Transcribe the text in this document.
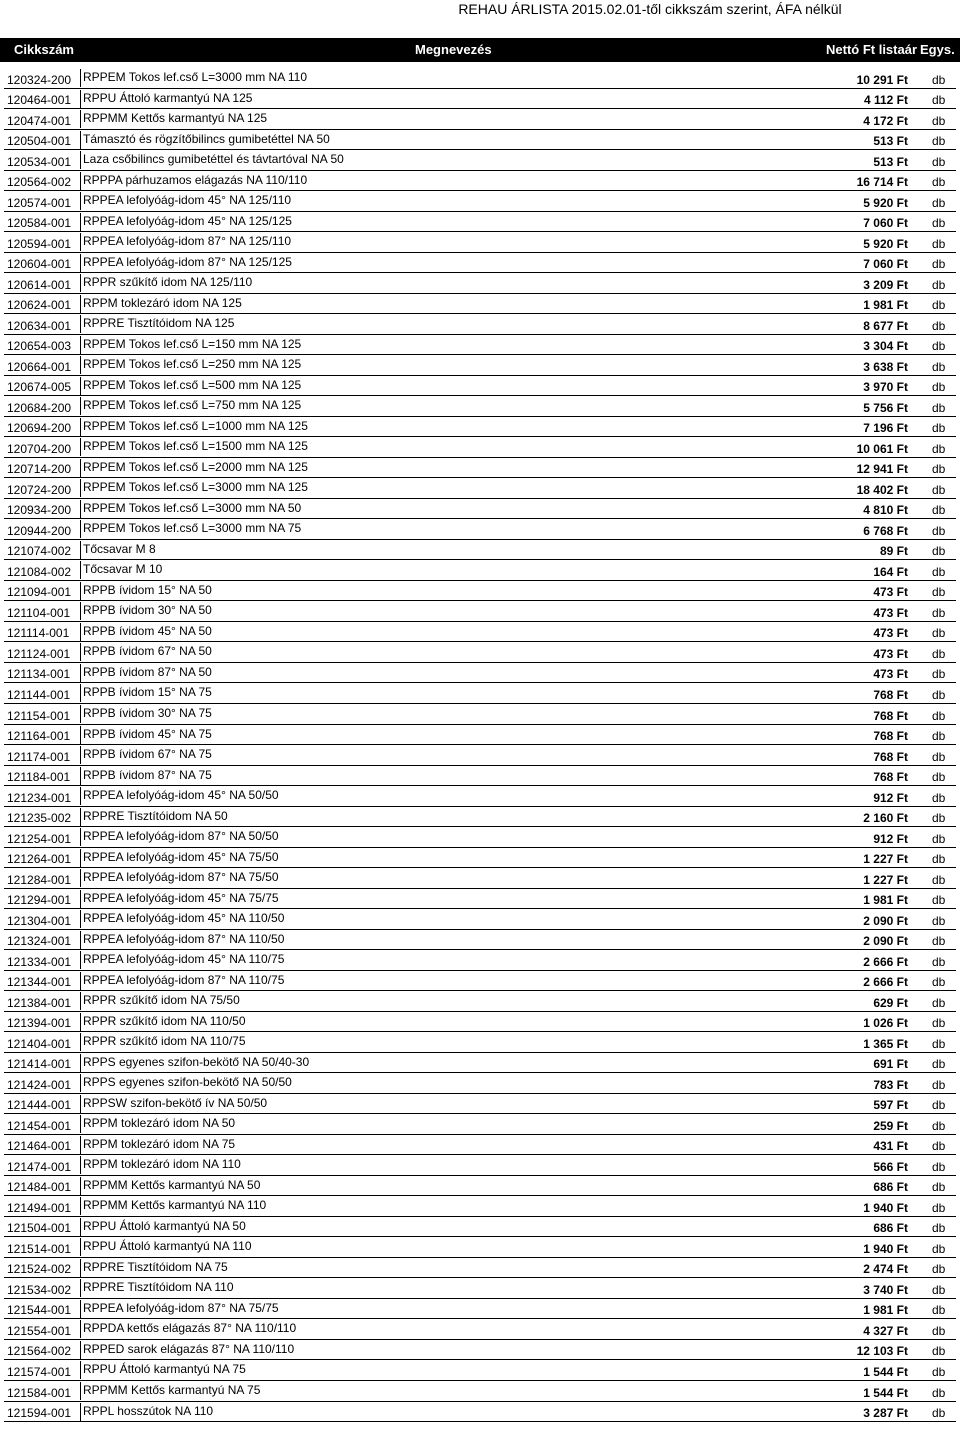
REHAU ÁRLISTA 2015.02.01-től cikkszám szerint, ÁFA nélkül
Cikkszám	Megnevezés	Nettó Ft listaár Egys.
120324-200 RPPEM Tokos lef.cső L=3000 mm NA 110	10 291 Ft db
120464-001 RPPU Áttoló karmantyú NA 125	4 112 Ft db
120474-001 RPPMM Kettős karmantyú NA 125	4 172 Ft db
120504-001 Támasztó és rögzítőbilincs gumibetéttel NA 50	513 Ft db
120534-001 Laza csőbilincs gumibetéttel és távtartóval NA 50	513 Ft db
120564-002 RPPPA párhuzamos elágazás NA 110/110	16 714 Ft db
120574-001 RPPEA lefolyóág-idom 45° NA 125/110	5 920 Ft db
120584-001 RPPEA lefolyóág-idom 45° NA 125/125	7 060 Ft db
120594-001 RPPEA lefolyóág-idom 87° NA 125/110	5 920 Ft db
120604-001 RPPEA lefolyóág-idom 87° NA 125/125	7 060 Ft db
120614-001 RPPR szűkítő idom NA 125/110	3 209 Ft db
120624-001 RPPM toklezáró idom NA 125	1 981 Ft db
120634-001 RPPRE Tisztítóidom NA 125	8 677 Ft db
120654-003 RPPEM Tokos lef.cső L=150 mm NA 125	3 304 Ft db
120664-001 RPPEM Tokos lef.cső L=250 mm NA 125	3 638 Ft db
120674-005 RPPEM Tokos lef.cső L=500 mm NA 125	3 970 Ft db
120684-200 RPPEM Tokos lef.cső L=750 mm NA 125	5 756 Ft db
120694-200 RPPEM Tokos lef.cső L=1000 mm NA 125	7 196 Ft db
120704-200 RPPEM Tokos lef.cső L=1500 mm NA 125	10 061 Ft db
120714-200 RPPEM Tokos lef.cső L=2000 mm NA 125	12 941 Ft db
120724-200 RPPEM Tokos lef.cső L=3000 mm NA 125	18 402 Ft db
120934-200 RPPEM Tokos lef.cső L=3000 mm NA 50	4 810 Ft db
120944-200 RPPEM Tokos lef.cső L=3000 mm NA 75	6 768 Ft db
121074-002 Tőcsavar M 8	89 Ft db
121084-002 Tőcsavar M 10	164 Ft db
121094-001 RPPB ívidom 15° NA 50	473 Ft db
121104-001	RPPB ívidom 30° NA 50	473 Ft db
121114-001	RPPB ívidom 45° NA 50	473 Ft db
121124-001	RPPB ívidom 67° NA 50	473 Ft db
121134-001	RPPB ívidom 87° NA 50	473 Ft db
121144-001	RPPB ívidom 15° NA 75	768 Ft db
121154-001	RPPB ívidom 30° NA 75	768 Ft db
121164-001	RPPB ívidom 45° NA 75	768 Ft db
121174-001	RPPB ívidom 67° NA 75	768 Ft db
121184-001	RPPB ívidom 87° NA 75	768 Ft db
121234-001 RPPEA lefolyóág-idom 45° NA 50/50	912 Ft db
121235-002 RPPRE Tisztítóidom NA 50	2 160 Ft db
121254-001 RPPEA lefolyóág-idom 87° NA 50/50	912 Ft db
121264-001 RPPEA lefolyóág-idom 45° NA 75/50	1 227 Ft db
121284-001 RPPEA lefolyóág-idom 87° NA 75/50	1 227 Ft db
121294-001 RPPEA lefolyóág-idom 45° NA 75/75	1 981 Ft db
121304-001 RPPEA lefolyóág-idom 45° NA 110/50	2 090 Ft db
121324-001 RPPEA lefolyóág-idom 87° NA 110/50	2 090 Ft db
121334-001 RPPEA lefolyóág-idom 45° NA 110/75	2 666 Ft db
121344-001 RPPEA lefolyóág-idom 87° NA 110/75	2 666 Ft db
121384-001 RPPR szűkítő idom NA 75/50	629 Ft db
121394-001 RPPR szűkítő idom NA 110/50	1 026 Ft db
121404-001 RPPR szűkítő idom NA 110/75	1 365 Ft db
121414-001 RPPS egyenes szifon-bekötő NA 50/40-30	691 Ft db
121424-001 RPPS egyenes szifon-bekötő NA 50/50	783 Ft db
121444-001 RPPSW szifon-bekötő ív NA 50/50	597 Ft db
121454-001 RPPM toklezáró idom NA 50	259 Ft db
121464-001 RPPM toklezáró idom NA 75	431 Ft db
121474-001 RPPM toklezáró idom NA 110	566 Ft db
121484-001 RPPMM Kettős karmantyú NA 50	686 Ft db
121494-001 RPPMM Kettős karmantyú NA 110	1 940 Ft db
121504-001 RPPU Áttoló karmantyú NA 50	686 Ft db
121514-001 RPPU Áttoló karmantyú NA 110	1 940 Ft db
121524-002 RPPRE Tisztítóidom NA 75	2 474 Ft db
121534-002 RPPRE Tisztítóidom NA 110	3 740 Ft db
121544-001 RPPEA lefolyóág-idom 87° NA 75/75	1 981 Ft db
121554-001 RPPDA kettős elágazás 87° NA 110/110	4 327 Ft db
121564-002 RPPED sarok elágazás 87° NA 110/110	12 103 Ft db
121574-001 RPPU Áttoló karmantyú NA 75	1 544 Ft db
121584-001 RPPMM Kettős karmantyú NA 75	1 544 Ft db
121594-001 RPPL hosszútok NA 110	3 287 Ft db
